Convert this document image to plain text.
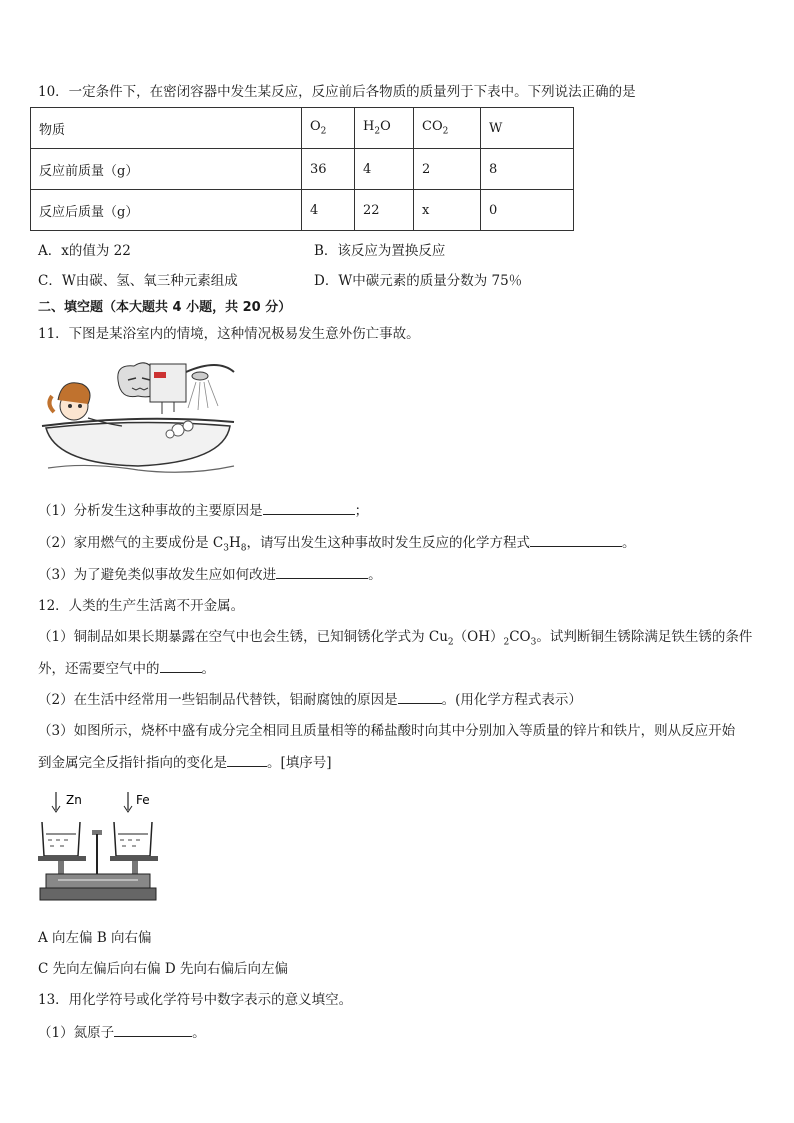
10．一定条件下，在密闭容器中发生某反应，反应前后各物质的质量列于下表中。下列说法正确的是
物质	$O_2$	$H_2O$	$CO_2$	W
反应前质量（g）	36	4	2	8
反应后质量（g）	4	22	x	0
A．x的值为 22	B．该反应为置换反应
C．W由碳、氢、氧三种元素组成	D．W中碳元素的质量分数为 75％
二、填空题（本大题共 4 小题，共 20 分）
11．下图是某浴室内的情境，这种情况极易发生意外伤亡事故。
（1）分析发生这种事故的主要原因是	；
（2）家用燃气的主要成份是 $C_3H_8$，请写出发生这种事故时发生反应的化学方程式	。
（3）为了避免类似事故发生应如何改进	。
12．人类的生产生活离不开金属。
（1）铜制品如果长期暴露在空气中也会生锈，已知铜锈化学式为 $Cu_2(OH)_2CO_3$。试判断铜生锈除满足铁生锈的条件
外，还需要空气中的	。
（2）在生活中经常用一些铝制品代替铁，铝耐腐蚀的原因是	。(用化学方程式表示）
（3）如图所示，烧杯中盛有成分完全相同且质量相等的稀盐酸时向其中分别加入等质量的锌片和铁片，则从反应开始
到金属完全反指针指向的变化是	。[填序号]
Zn	Fe
A 向左偏 B 向右偏
C 先向左偏后向右偏 D 先向右偏后向左偏
13．用化学符号或化学符号中数字表示的意义填空。
（1）氮原子	。
